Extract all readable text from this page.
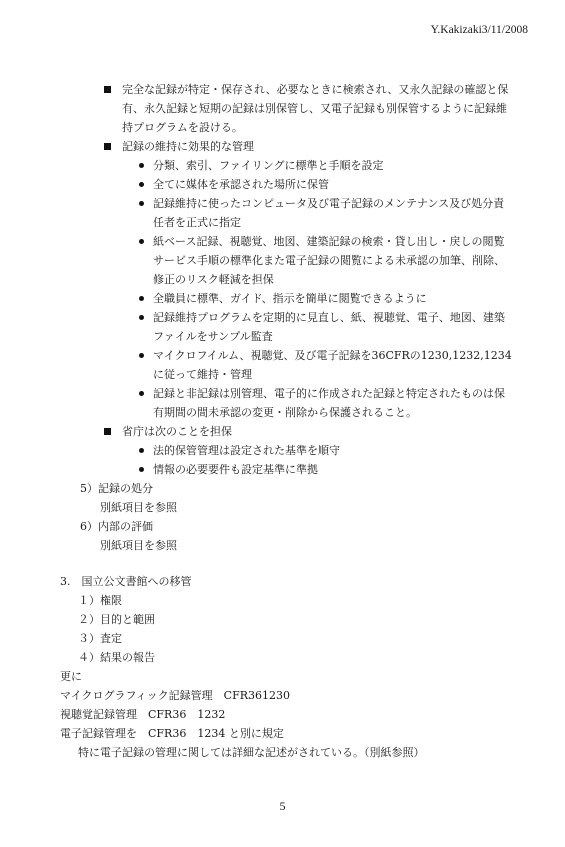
Y.Kakizaki3/11/2008
完全な記録が特定・保存され、必要なときに検索され、又永久記録の確認と保有、永久記録と短期の記録は別保管し、又電子記録も別保管するように記録維持プログラムを設ける。
記録の維持に効果的な管理
分類、索引、ファイリングに標準と手順を設定
全てに媒体を承認された場所に保管
記録維持に使ったコンピュータ及び電子記録のメンテナンス及び処分責任者を正式に指定
紙ベース記録、視聴覚、地図、建築記録の検索・貸し出し・戻しの閲覧サービス手順の標準化また電子記録の閲覧による未承認の加筆、削除、修正のリスク軽減を担保
全職員に標準、ガイド、指示を簡単に閲覧できるように
記録維持プログラムを定期的に見直し、紙、視聴覚、電子、地図、建築ファイルをサンプル監査
マイクロフイルム、視聴覚、及び電子記録を36CFRの1230,1232,1234に従って維持・管理
記録と非記録は別管理、電子的に作成された記録と特定されたものは保有期間の間未承認の変更・削除から保護されること。
省庁は次のことを担保
法的保管管理は設定された基準を順守
情報の必要要件も設定基準に準拠
5）記録の処分
別紙項目を参照
6）内部の評価
別紙項目を参照
3.　国立公文書館への移管
１）権限
２）目的と範囲
３）査定
４）結果の報告
更に
マイクログラフィック記録管理　CFR361230
視聴覚記録管理　CFR36　1232
電子記録管理を　CFR36　1234 と別に規定
特に電子記録の管理に関しては詳細な記述がされている。（別紙参照）
5
